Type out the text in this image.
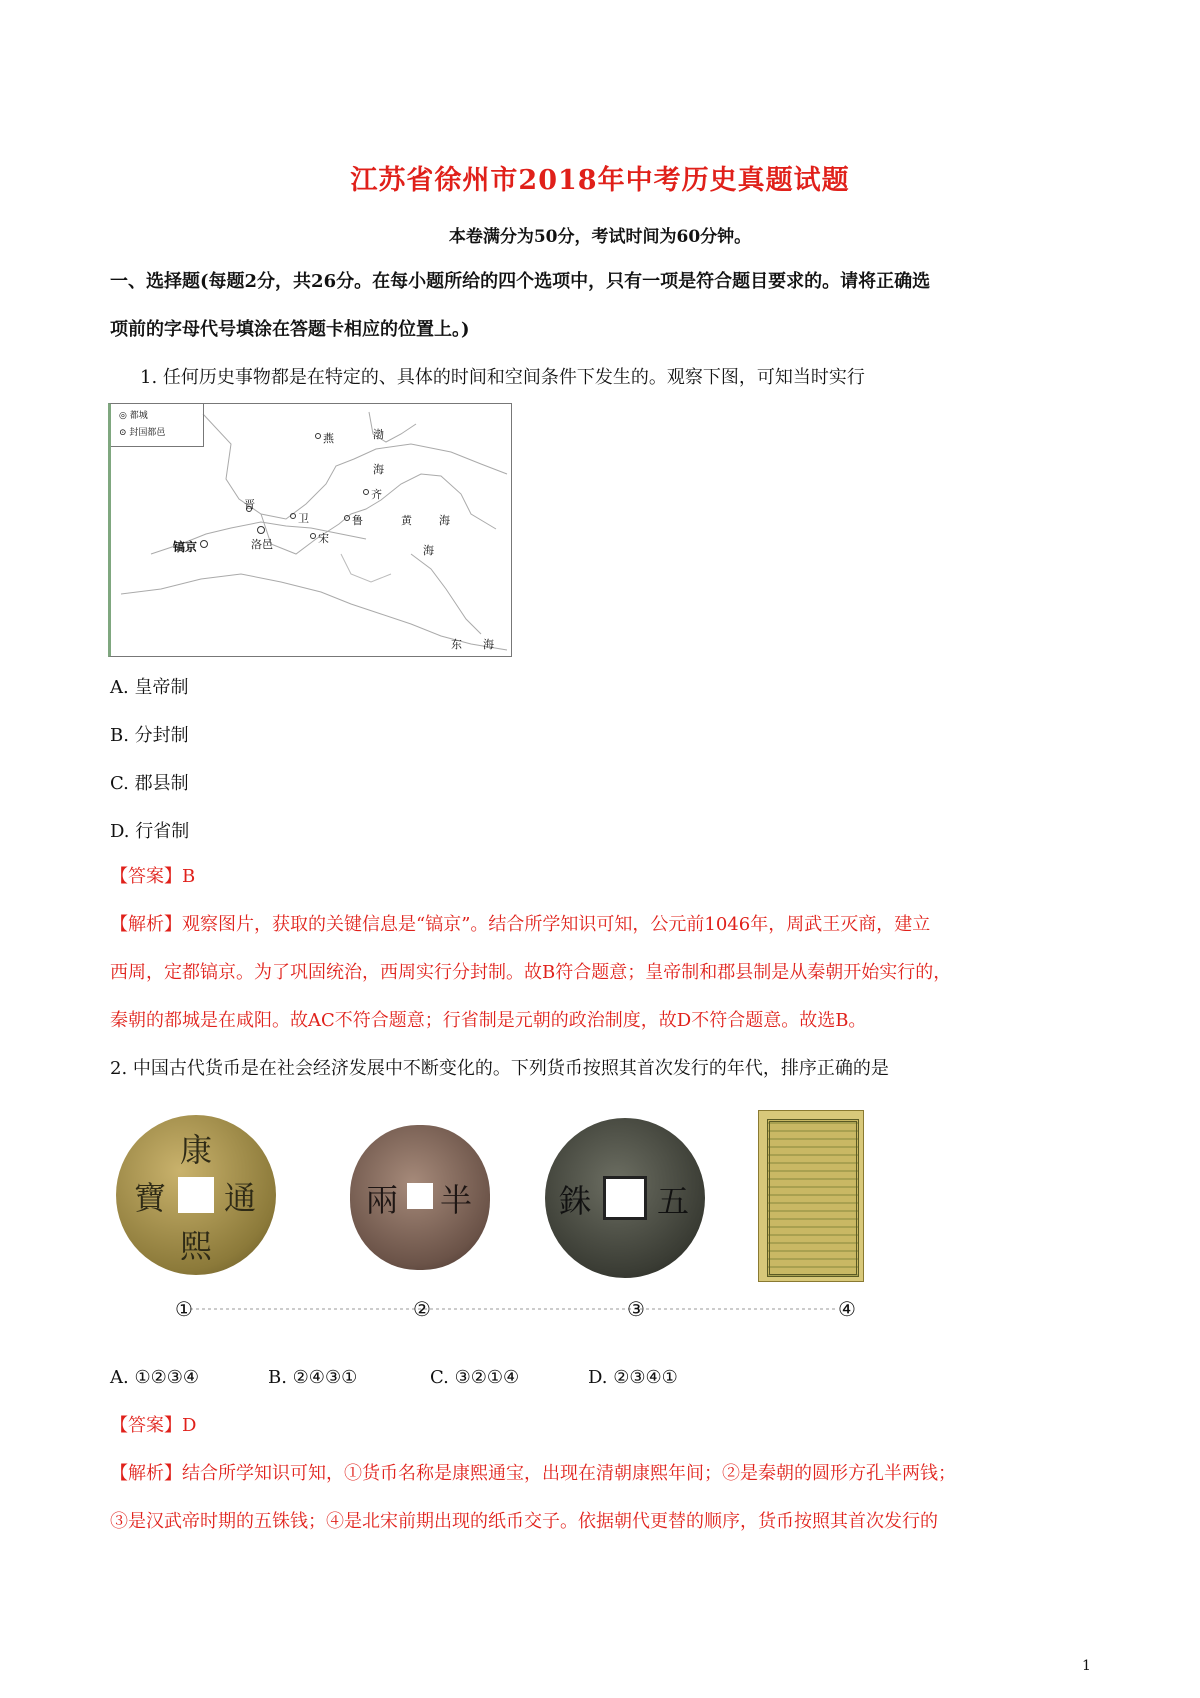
江苏省徐州市2018年中考历史真题试题
本卷满分为50分，考试时间为60分钟。
一、选择题(每题2分，共26分。在每小题所给的四个选项中，只有一项是符合题目要求的。请将正确选
项前的字母代号填涂在答题卡相应的位置上。)
1. 任何历史事物都是在特定的、具体的时间和空间条件下发生的。观察下图，可知当时实行
◎ 都城
⊙ 封国都邑	燕	渤
海
齐
鲁	黄 海
晋
卫
洛邑	宋
镐京
东 海
海
A. 皇帝制
B. 分封制
C. 郡县制
D. 行省制
【答案】B
【解析】观察图片，获取的关键信息是“镐京”。结合所学知识可知，公元前1046年，周武王灭商，建立
西周，定都镐京。为了巩固统治，西周实行分封制。故B符合题意；皇帝制和郡县制是从秦朝开始实行的，
秦朝的都城是在咸阳。故AC不符合题意；行省制是元朝的政治制度，故D不符合题意。故选B。
2. 中国古代货币是在社会经济发展中不断变化的。下列货币按照其首次发行的年代，排序正确的是
康
熙
通
寶	半
兩	五
銖
①	②	③	④
A. ①②③④	B. ②④③①	C. ③②①④	D. ②③④①
【答案】D
【解析】结合所学知识可知，①货币名称是康熙通宝，出现在清朝康熙年间；②是秦朝的圆形方孔半两钱；
③是汉武帝时期的五铢钱；④是北宋前期出现的纸币交子。依据朝代更替的顺序，货币按照其首次发行的
1
